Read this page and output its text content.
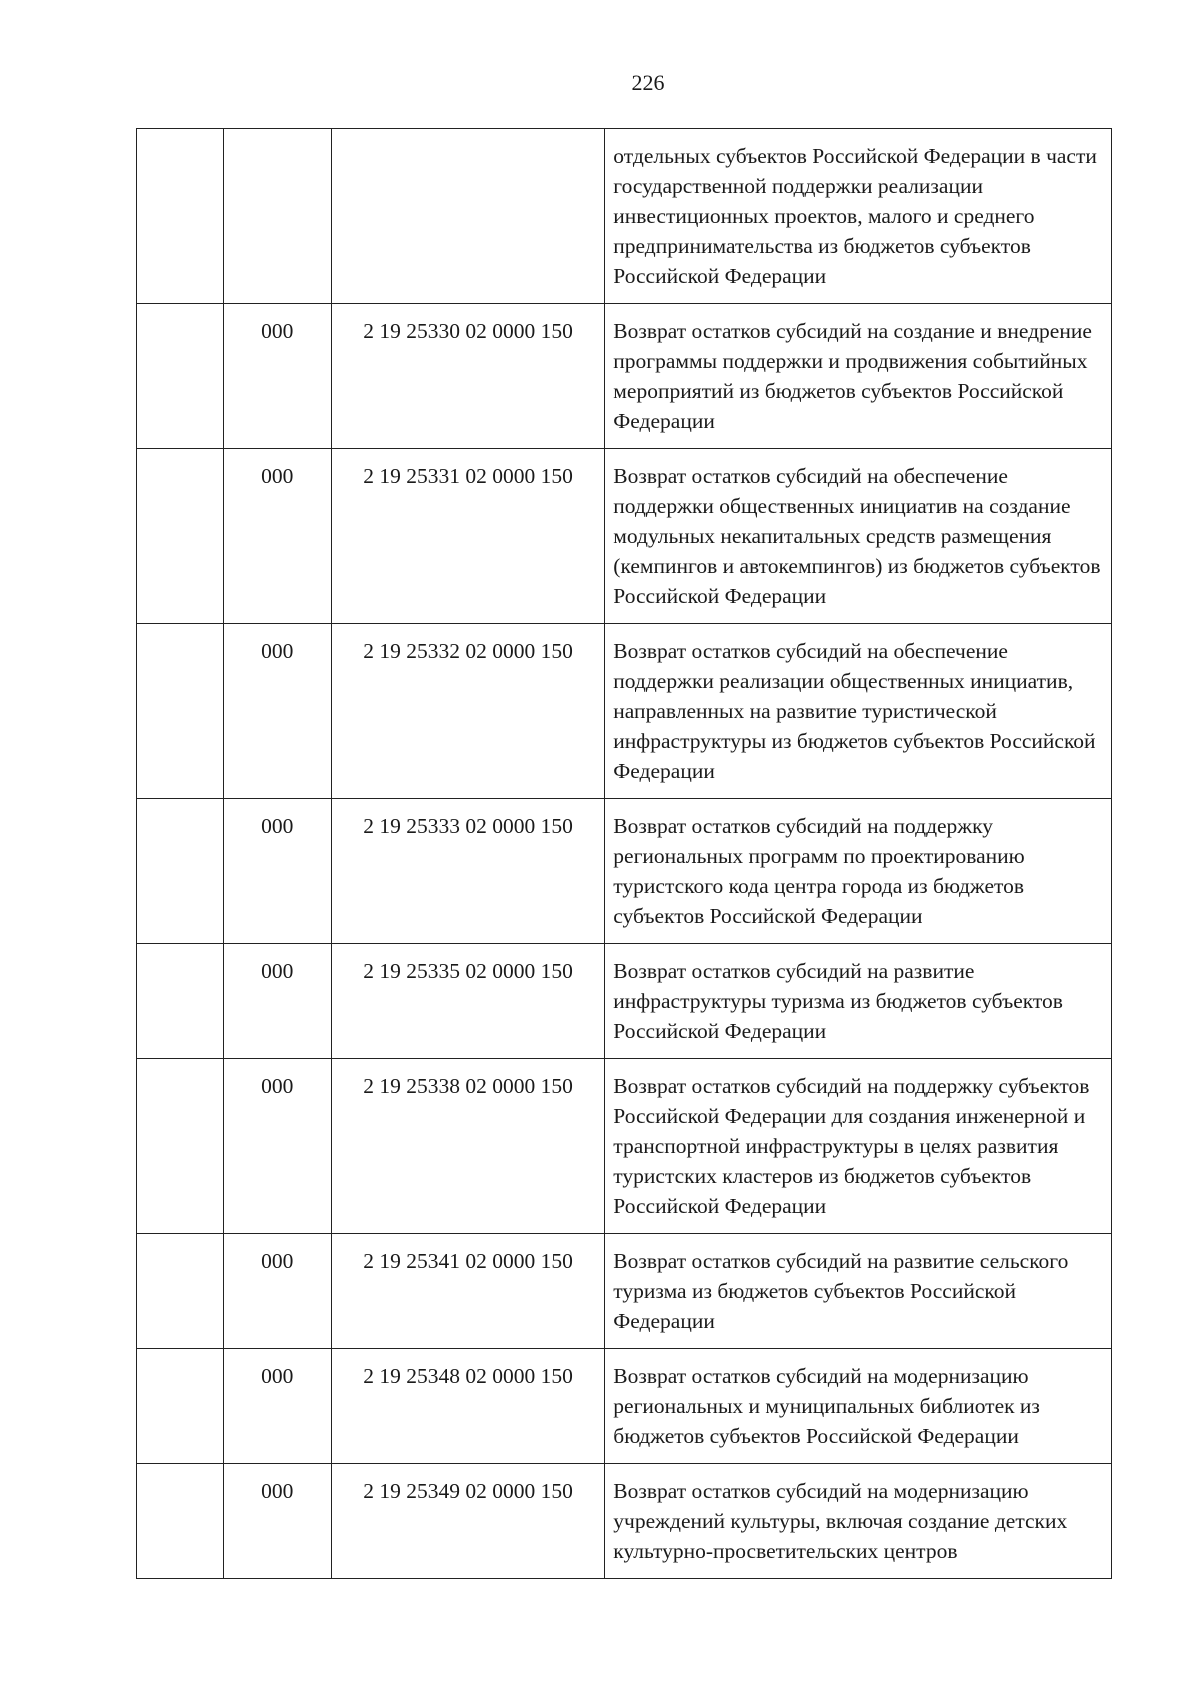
226
			отдельных субъектов Российской Федерации в части государственной поддержки реализации инвестиционных проектов, малого и среднего предпринимательства из бюджетов субъектов Российской Федерации
	000	2 19 25330 02 0000 150	Возврат остатков субсидий на создание и внедрение программы поддержки и продвижения событийных мероприятий из бюджетов субъектов Российской Федерации
	000	2 19 25331 02 0000 150	Возврат остатков субсидий на обеспечение поддержки общественных инициатив на создание модульных некапитальных средств размещения (кемпингов и автокемпингов) из бюджетов субъектов Российской Федерации
	000	2 19 25332 02 0000 150	Возврат остатков субсидий на обеспечение поддержки реализации общественных инициатив, направленных на развитие туристической инфраструктуры из бюджетов субъектов Российской Федерации
	000	2 19 25333 02 0000 150	Возврат остатков субсидий на поддержку региональных программ по проектированию туристского кода центра города из бюджетов субъектов Российской Федерации
	000	2 19 25335 02 0000 150	Возврат остатков субсидий на развитие инфраструктуры туризма из бюджетов субъектов Российской Федерации
	000	2 19 25338 02 0000 150	Возврат остатков субсидий на поддержку субъектов Российской Федерации для создания инженерной и транспортной инфраструктуры в целях развития туристских кластеров из бюджетов субъектов Российской Федерации
	000	2 19 25341 02 0000 150	Возврат остатков субсидий на развитие сельского туризма из бюджетов субъектов Российской Федерации
	000	2 19 25348 02 0000 150	Возврат остатков субсидий на модернизацию региональных и муниципальных библиотек из бюджетов субъектов Российской Федерации
	000	2 19 25349 02 0000 150	Возврат остатков субсидий на модернизацию учреждений культуры, включая создание детских культурно-просветительских центров
